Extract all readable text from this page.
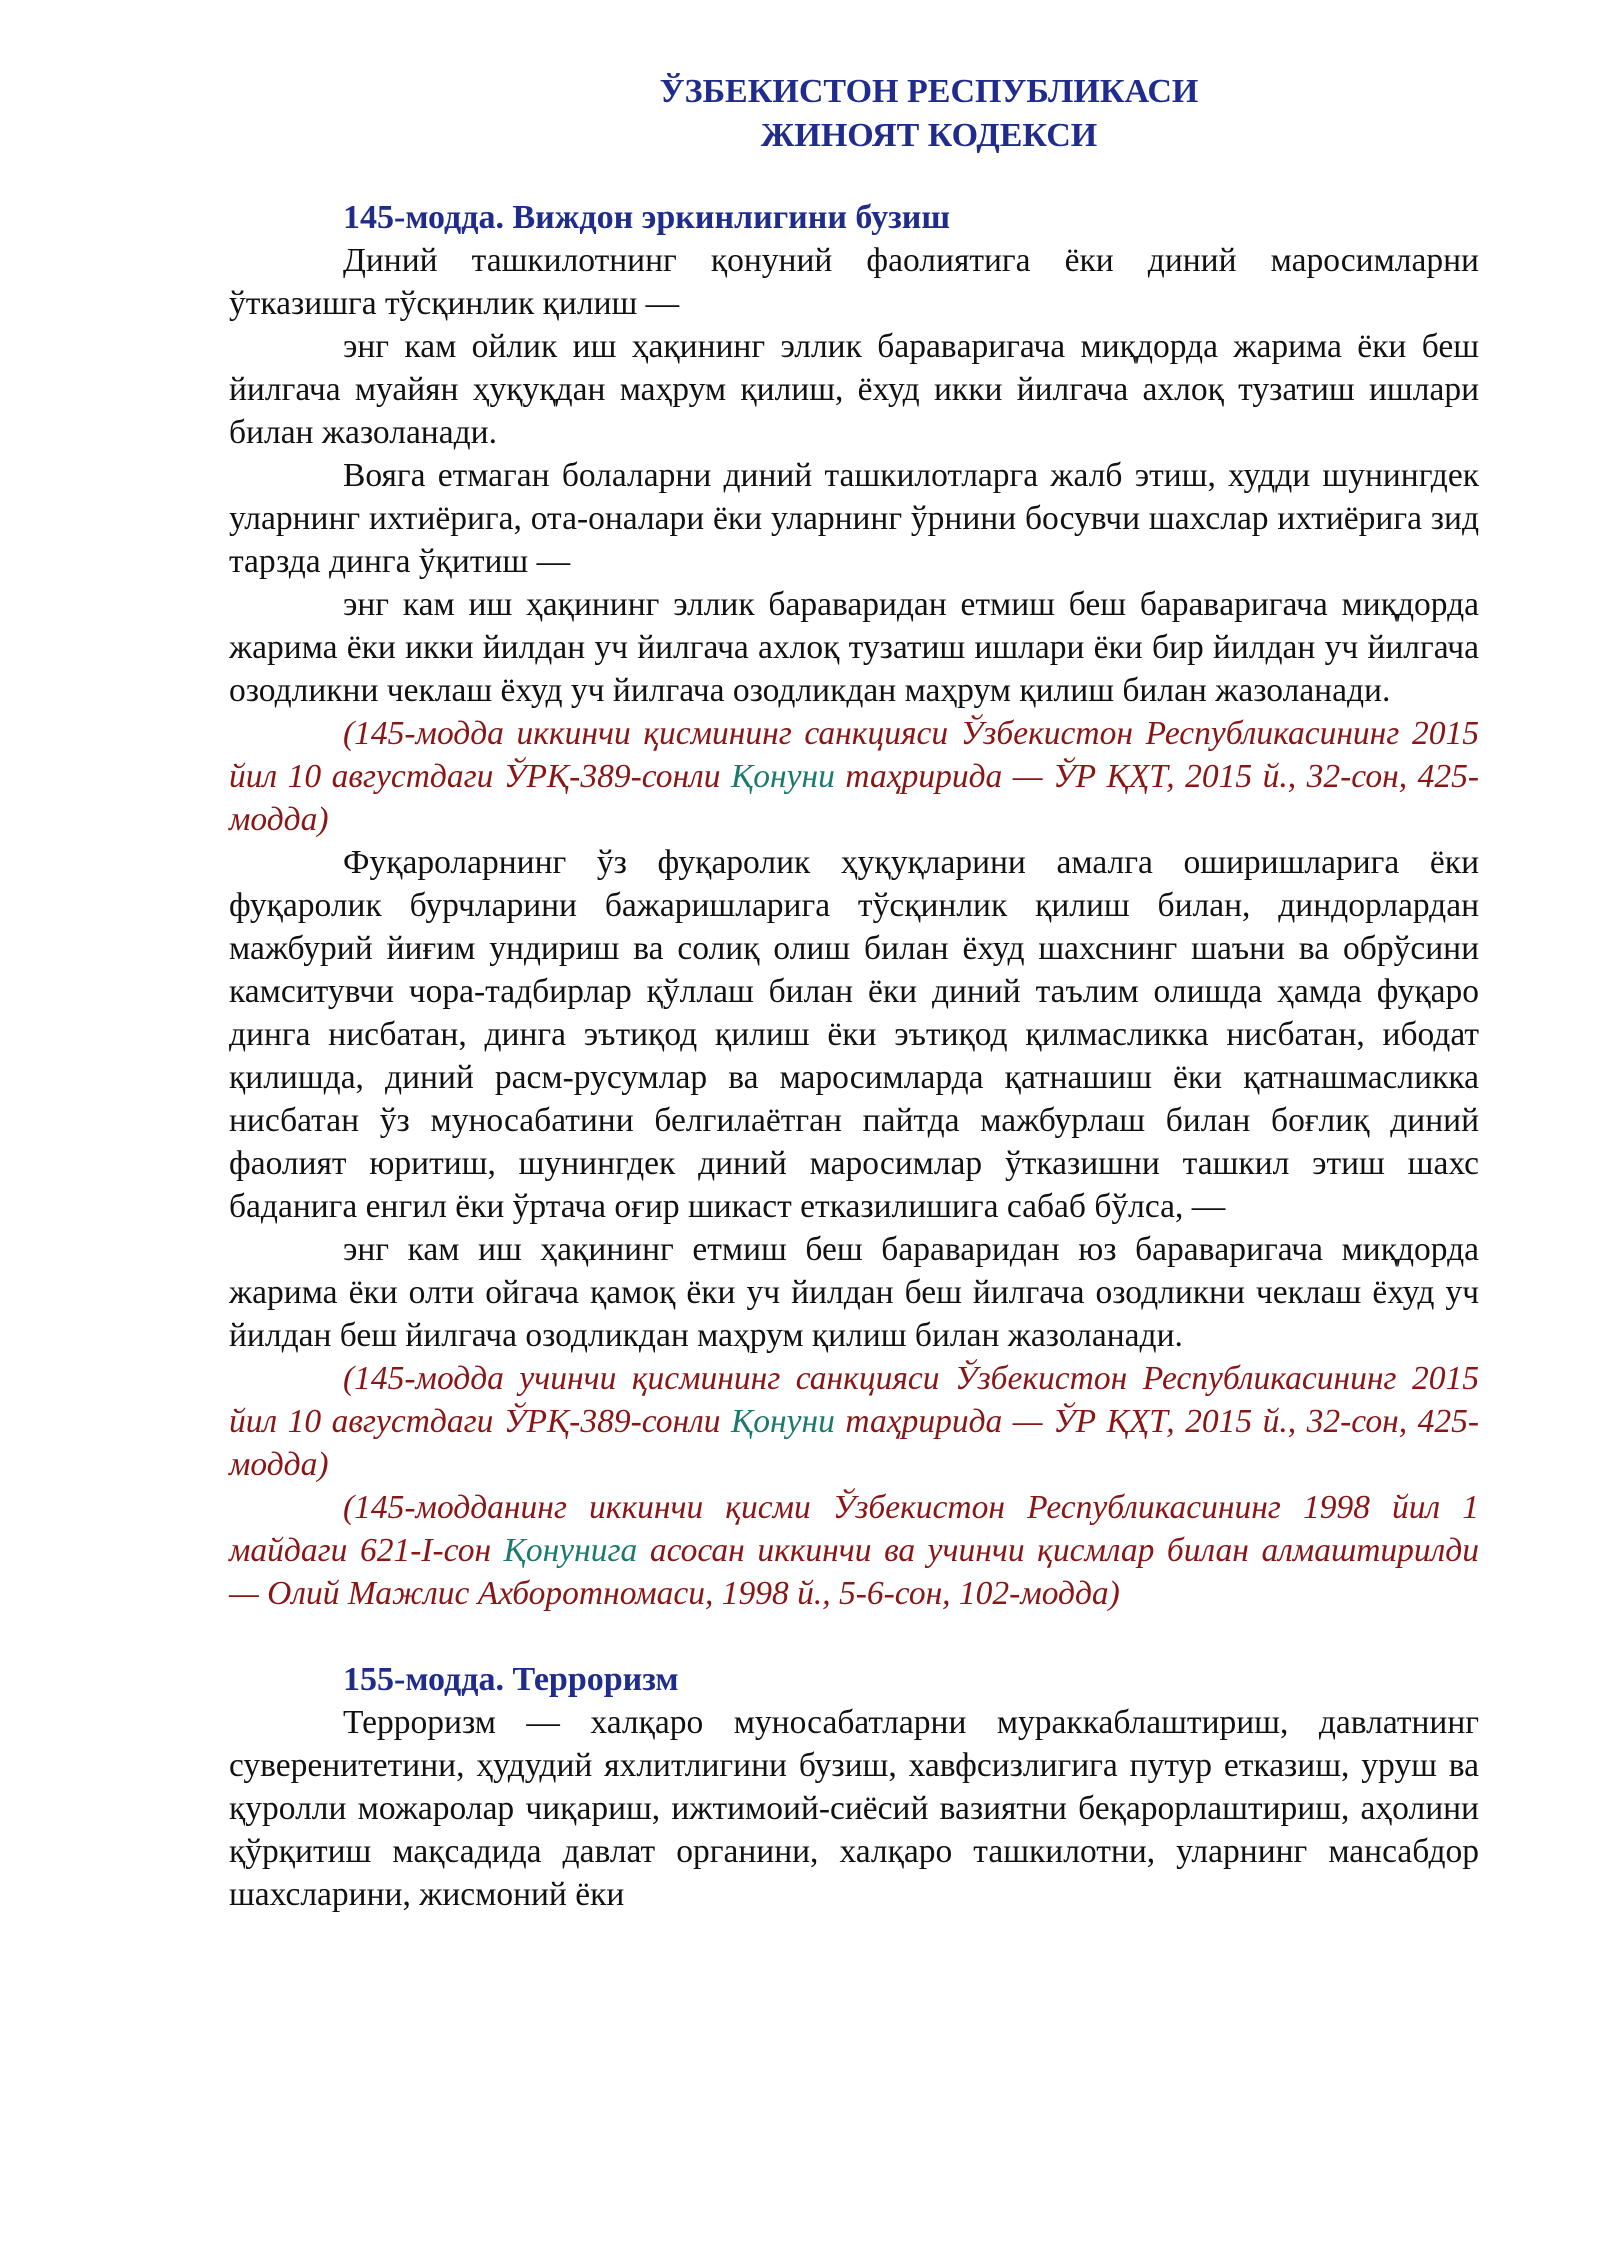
ЎЗБЕКИСТОН РЕСПУБЛИКАСИ
ЖИНОЯТ КОДЕКСИ
145-модда. Виждон эркинлигини бузиш

Диний ташкилотнинг қонуний фаолиятига ёки диний маросимларни ўтказишга тўсқинлик қилиш —

энг кам ойлик иш ҳақининг эллик баравaригача миқдорда жарима ёки беш йилгача муайян ҳуқуқдан маҳрум қилиш, ёхуд икки йилгача ахлоқ тузатиш ишлари билан жазоланади.

Вояга етмаган болаларни диний ташкилотларга жалб этиш, худди шунингдек уларнинг ихтиёрига, ота-оналари ёки уларнинг ўрнини босувчи шахслар ихтиёрига зид тарзда динга ўқитиш —

энг кам иш ҳақининг эллик бараваридан етмиш беш баравaригача миқдорда жарима ёки икки йилдан уч йилгача ахлоқ тузатиш ишлари ёки бир йилдан уч йилгача озодликни чеклаш ёхуд уч йилгача озодликдан маҳрум қилиш билан жазоланади.

(145-модда иккинчи қисмининг санкцияси Ўзбекистон Республикасининг 2015 йил 10 августдаги ЎРҚ-389-сонли Қонуни таҳририда — ЎР ҚҲТ, 2015 й., 32-сон, 425-модда)

Фуқароларнинг ўз фуқаролик ҳуқуқларини амалга оширишларига ёки фуқаролик бурчларини бажаришларига тўсқинлик қилиш билан, диндорлардан мажбурий йиғим ундириш ва солиқ олиш билан ёхуд шахснинг шаъни ва обрўсини камситувчи чора-тадбирлар қўллаш билан ёки диний таълим олишда ҳамда фуқаро динга нисбатан, динга эътиқод қилиш ёки эътиқод қилмасликка нисбатан, ибодат қилишда, диний расм-русумлар ва маросимларда қатнашиш ёки қатнашмасликка нисбатан ўз муносабатини белгилаётган пайтда мажбурлаш билан боғлиқ диний фаолият юритиш, шунингдек диний маросимлар ўтказишни ташкил этиш шахс баданига енгил ёки ўртача оғир шикаст етказилишига сабаб бўлса, —

энг кам иш ҳақининг етмиш беш бараваридан юз баравaригача миқдорда жарима ёки олти ойгача қамоқ ёки уч йилдан беш йилгача озодликни чеклаш ёхуд уч йилдан беш йилгача озодликдан маҳрум қилиш билан жазоланади.

(145-модда учинчи қисмининг санкцияси Ўзбекистон Республикасининг 2015 йил 10 августдаги ЎРҚ-389-сонли Қонуни таҳририда — ЎР ҚҲТ, 2015 й., 32-сон, 425-модда)

(145-модданинг иккинчи қисми Ўзбекистон Республикасининг 1998 йил 1 майдаги 621-I-сон Қонунига асосан иккинчи ва учинчи қисмлар билан алмаштирилди — Олий Мажлис Ахборотномаси, 1998 й., 5-6-сон, 102-модда)

155-модда. Терроризм

Терроризм — халқаро муносабатларни мураккаблаштириш, давлатнинг суверенитетини, ҳудудий яхлитлигини бузиш, хавфсизлигига путур етказиш, уруш ва қуролли можаролар чиқариш, ижтимоий-сиёсий вазиятни беқарорлаштириш, аҳолини қўрқитиш мақсадида давлат органини, халқаро ташкилотни, уларнинг мансабдор шахсларини, жисмоний ёки
